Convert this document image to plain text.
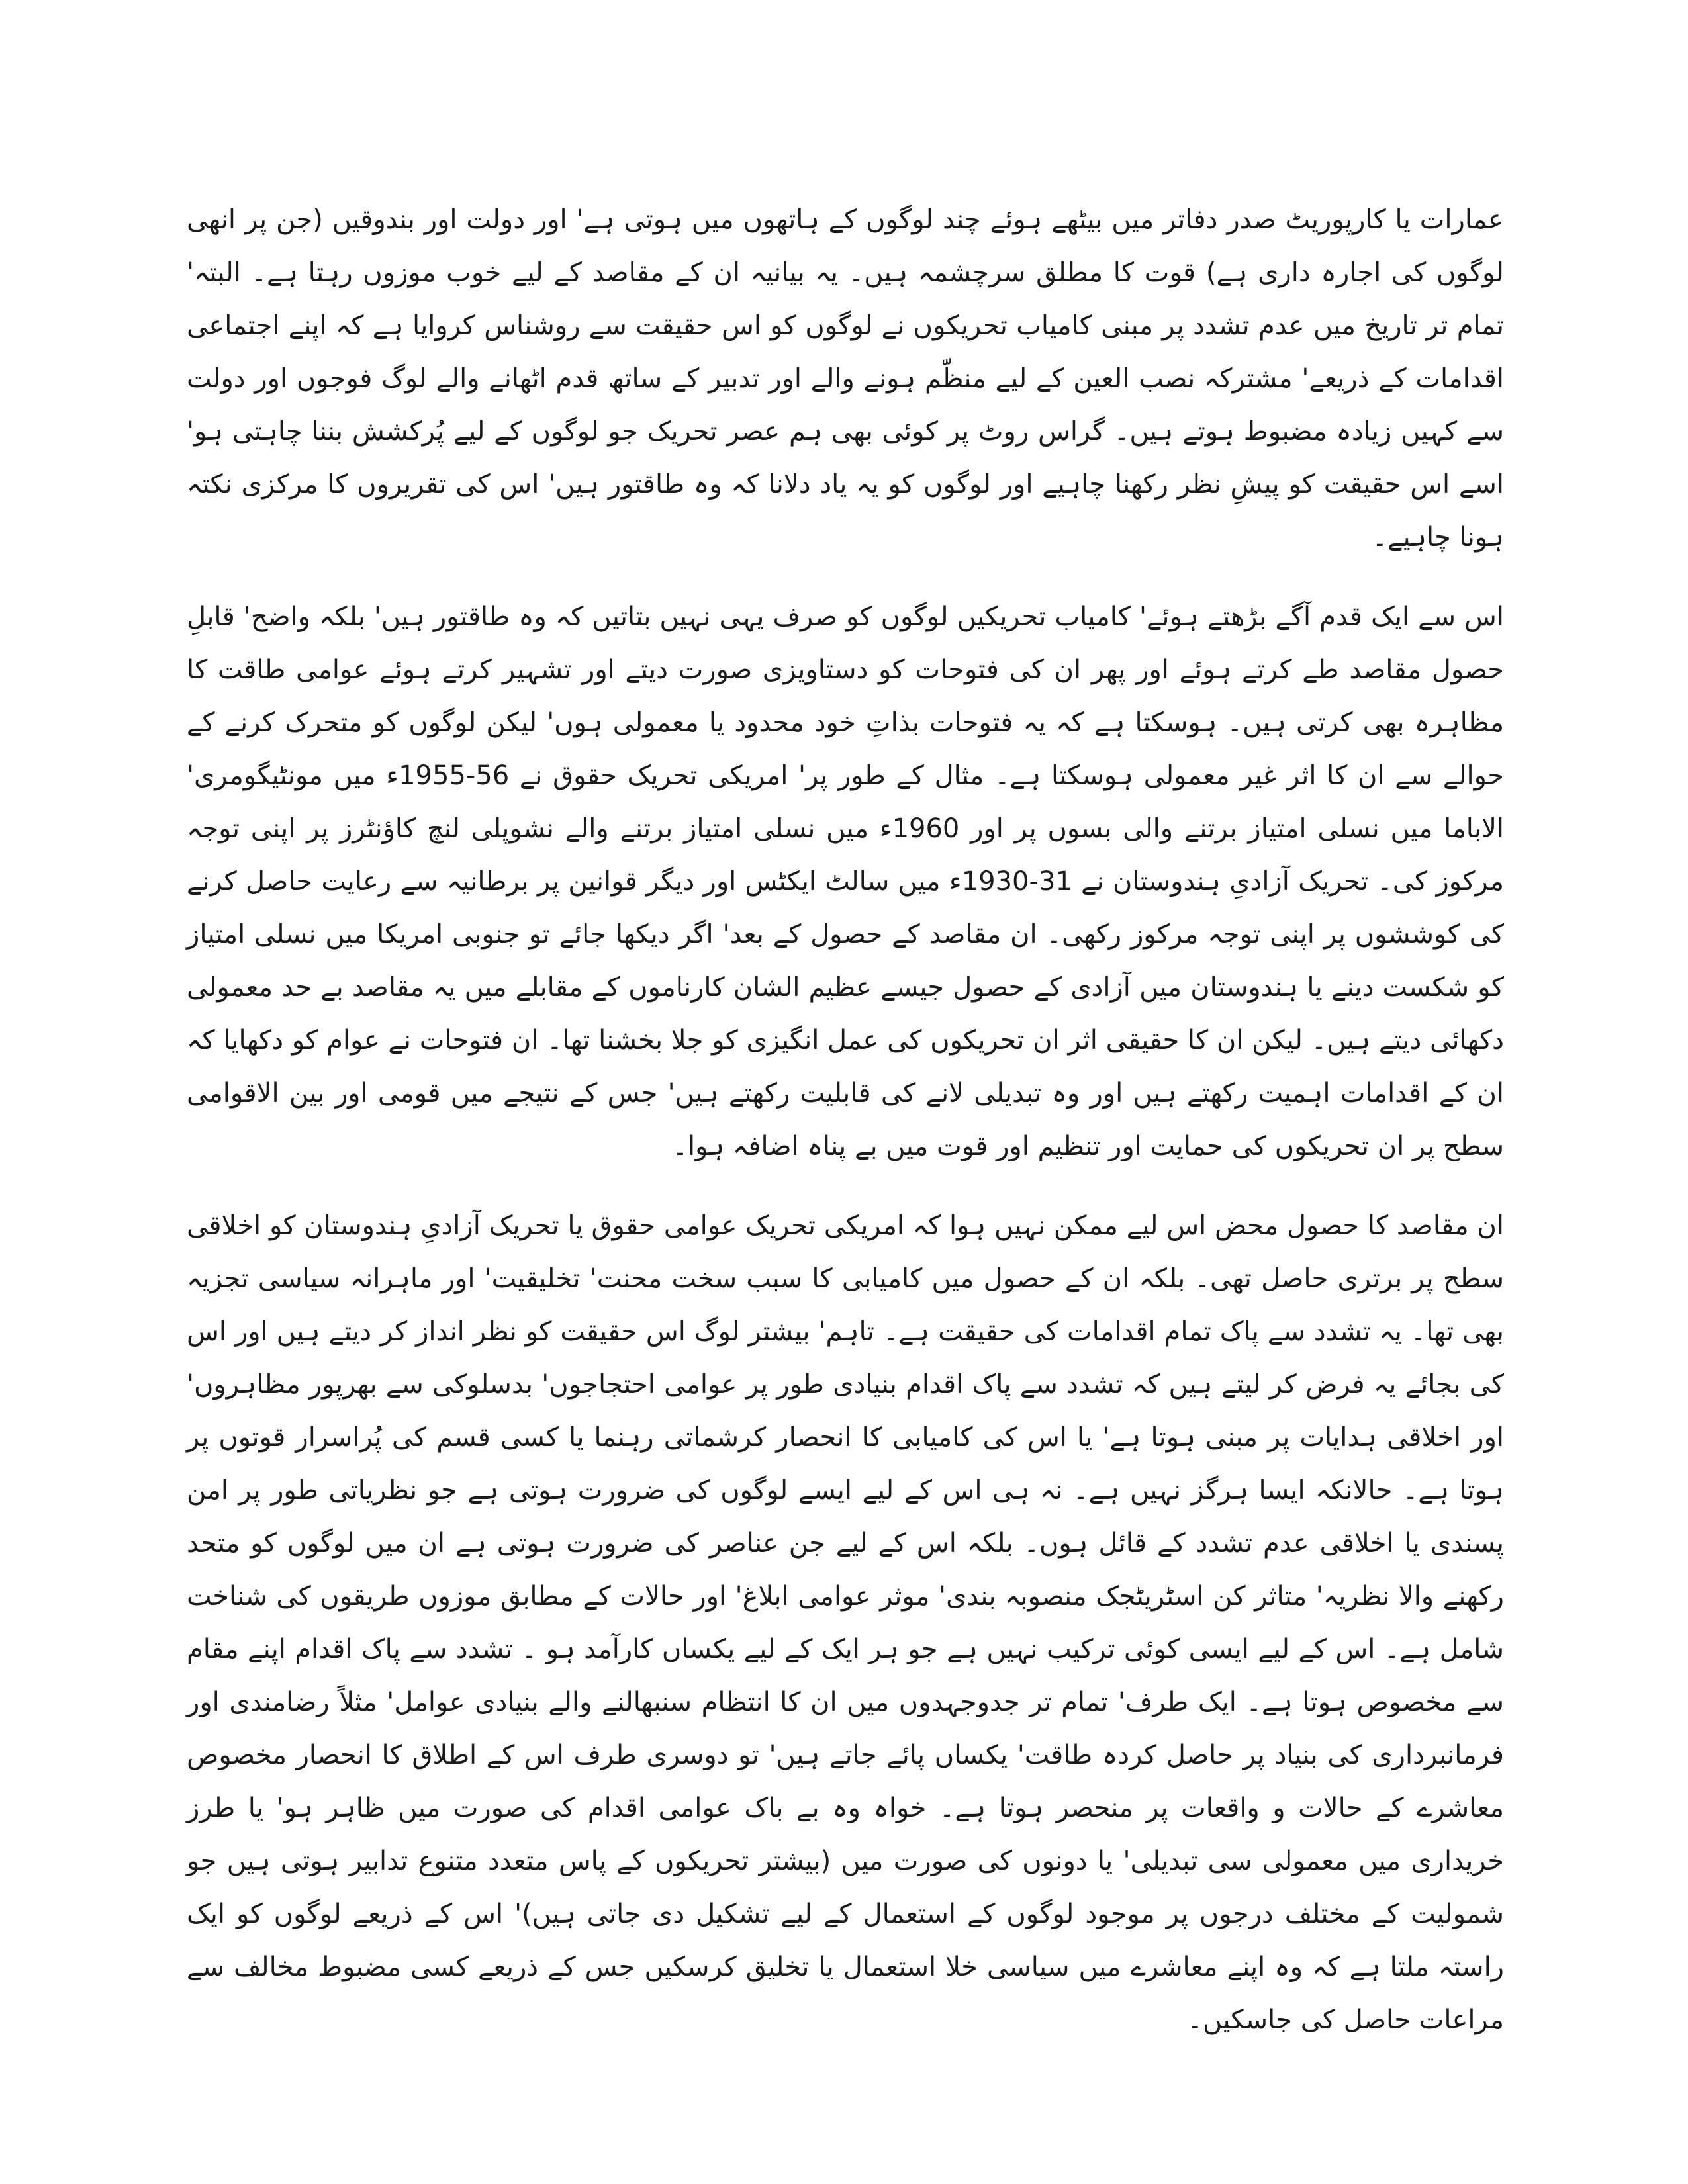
عمارات یا کارپوریٹ صدر دفاتر میں بیٹھے ہوئے چند لوگوں کے ہاتھوں میں ہوتی ہے' اور دولت اور بندوقیں (جن پر انھی لوگوں کی اجارہ داری ہے) قوت کا مطلق سرچشمہ ہیں۔ یہ بیانیہ ان کے مقاصد کے لیے خوب موزوں رہتا ہے۔ البتہ' تمام تر تاریخ میں عدم تشدد پر مبنی کامیاب تحریکوں نے لوگوں کو اس حقیقت سے روشناس کروایا ہے کہ اپنے اجتماعی اقدامات کے ذریعے' مشترکہ نصب العین کے لیے منظّم ہونے والے اور تدبیر کے ساتھ قدم اٹھانے والے لوگ فوجوں اور دولت سے کہیں زیادہ مضبوط ہوتے ہیں۔ گراس روٹ پر کوئی بھی ہم عصر تحریک جو لوگوں کے لیے پُرکشش بننا چاہتی ہو' اسے اس حقیقت کو پیشِ نظر رکھنا چاہیے اور لوگوں کو یہ یاد دلانا کہ وہ طاقتور ہیں' اس کی تقریروں کا مرکزی نکتہ ہونا چاہیے۔

اس سے ایک قدم آگے بڑھتے ہوئے' کامیاب تحریکیں لوگوں کو صرف یہی نہیں بتاتیں کہ وہ طاقتور ہیں' بلکہ واضح' قابلِ حصول مقاصد طے کرتے ہوئے اور پھر ان کی فتوحات کو دستاویزی صورت دیتے اور تشہیر کرتے ہوئے عوامی طاقت کا مظاہرہ بھی کرتی ہیں۔ ہوسکتا ہے کہ یہ فتوحات بذاتِ خود محدود یا معمولی ہوں' لیکن لوگوں کو متحرک کرنے کے حوالے سے ان کا اثر غیر معمولی ہوسکتا ہے۔ مثال کے طور پر' امریکی تحریک حقوق نے 56-1955ء میں مونٹیگومری' الاباما میں نسلی امتیاز برتنے والی بسوں پر اور 1960ء میں نسلی امتیاز برتنے والے نشوپلی لنچ کاؤنٹرز پر اپنی توجہ مرکوز کی۔ تحریک آزادیِ ہندوستان نے 31-1930ء میں سالٹ ایکٹس اور دیگر قوانین پر برطانیہ سے رعایت حاصل کرنے کی کوششوں پر اپنی توجہ مرکوز رکھی۔ ان مقاصد کے حصول کے بعد' اگر دیکھا جائے تو جنوبی امریکا میں نسلی امتیاز کو شکست دینے یا ہندوستان میں آزادی کے حصول جیسے عظیم الشان کارناموں کے مقابلے میں یہ مقاصد بے حد معمولی دکھائی دیتے ہیں۔ لیکن ان کا حقیقی اثر ان تحریکوں کی عمل انگیزی کو جلا بخشنا تھا۔ ان فتوحات نے عوام کو دکھایا کہ ان کے اقدامات اہمیت رکھتے ہیں اور وہ تبدیلی لانے کی قابلیت رکھتے ہیں' جس کے نتیجے میں قومی اور بین الاقوامی سطح پر ان تحریکوں کی حمایت اور تنظیم اور قوت میں بے پناہ اضافہ ہوا۔

ان مقاصد کا حصول محض اس لیے ممکن نہیں ہوا کہ امریکی تحریک عوامی حقوق یا تحریک آزادیِ ہندوستان کو اخلاقی سطح پر برتری حاصل تھی۔ بلکہ ان کے حصول میں کامیابی کا سبب سخت محنت' تخلیقیت' اور ماہرانہ سیاسی تجزیہ بھی تھا۔ یہ تشدد سے پاک تمام اقدامات کی حقیقت ہے۔ تاہم' بیشتر لوگ اس حقیقت کو نظر انداز کر دیتے ہیں اور اس کی بجائے یہ فرض کر لیتے ہیں کہ تشدد سے پاک اقدام بنیادی طور پر عوامی احتجاجوں' بدسلوکی سے بھرپور مظاہروں' اور اخلاقی ہدایات پر مبنی ہوتا ہے' یا اس کی کامیابی کا انحصار کرشماتی رہنما یا کسی قسم کی پُراسرار قوتوں پر ہوتا ہے۔ حالانکہ ایسا ہرگز نہیں ہے۔ نہ ہی اس کے لیے ایسے لوگوں کی ضرورت ہوتی ہے جو نظریاتی طور پر امن پسندی یا اخلاقی عدم تشدد کے قائل ہوں۔ بلکہ اس کے لیے جن عناصر کی ضرورت ہوتی ہے ان میں لوگوں کو متحد رکھنے والا نظریہ' متاثر کن اسٹریٹجک منصوبہ بندی' موثر عوامی ابلاغ' اور حالات کے مطابق موزوں طریقوں کی شناخت شامل ہے۔ اس کے لیے ایسی کوئی ترکیب نہیں ہے جو ہر ایک کے لیے یکساں کارآمد ہو ۔ تشدد سے پاک اقدام اپنے مقام سے مخصوص ہوتا ہے۔ ایک طرف' تمام تر جدوجہدوں میں ان کا انتظام سنبھالنے والے بنیادی عوامل' مثلاً رضامندی اور فرمانبرداری کی بنیاد پر حاصل کردہ طاقت' یکساں پائے جاتے ہیں' تو دوسری طرف اس کے اطلاق کا انحصار مخصوص معاشرے کے حالات و واقعات پر منحصر ہوتا ہے۔ خواہ وہ بے باک عوامی اقدام کی صورت میں ظاہر ہو' یا طرز خریداری میں معمولی سی تبدیلی' یا دونوں کی صورت میں (بیشتر تحریکوں کے پاس متعدد متنوع تدابیر ہوتی ہیں جو شمولیت کے مختلف درجوں پر موجود لوگوں کے استعمال کے لیے تشکیل دی جاتی ہیں)' اس کے ذریعے لوگوں کو ایک راستہ ملتا ہے کہ وہ اپنے معاشرے میں سیاسی خلا استعمال یا تخلیق کرسکیں جس کے ذریعے کسی مضبوط مخالف سے مراعات حاصل کی جاسکیں۔
